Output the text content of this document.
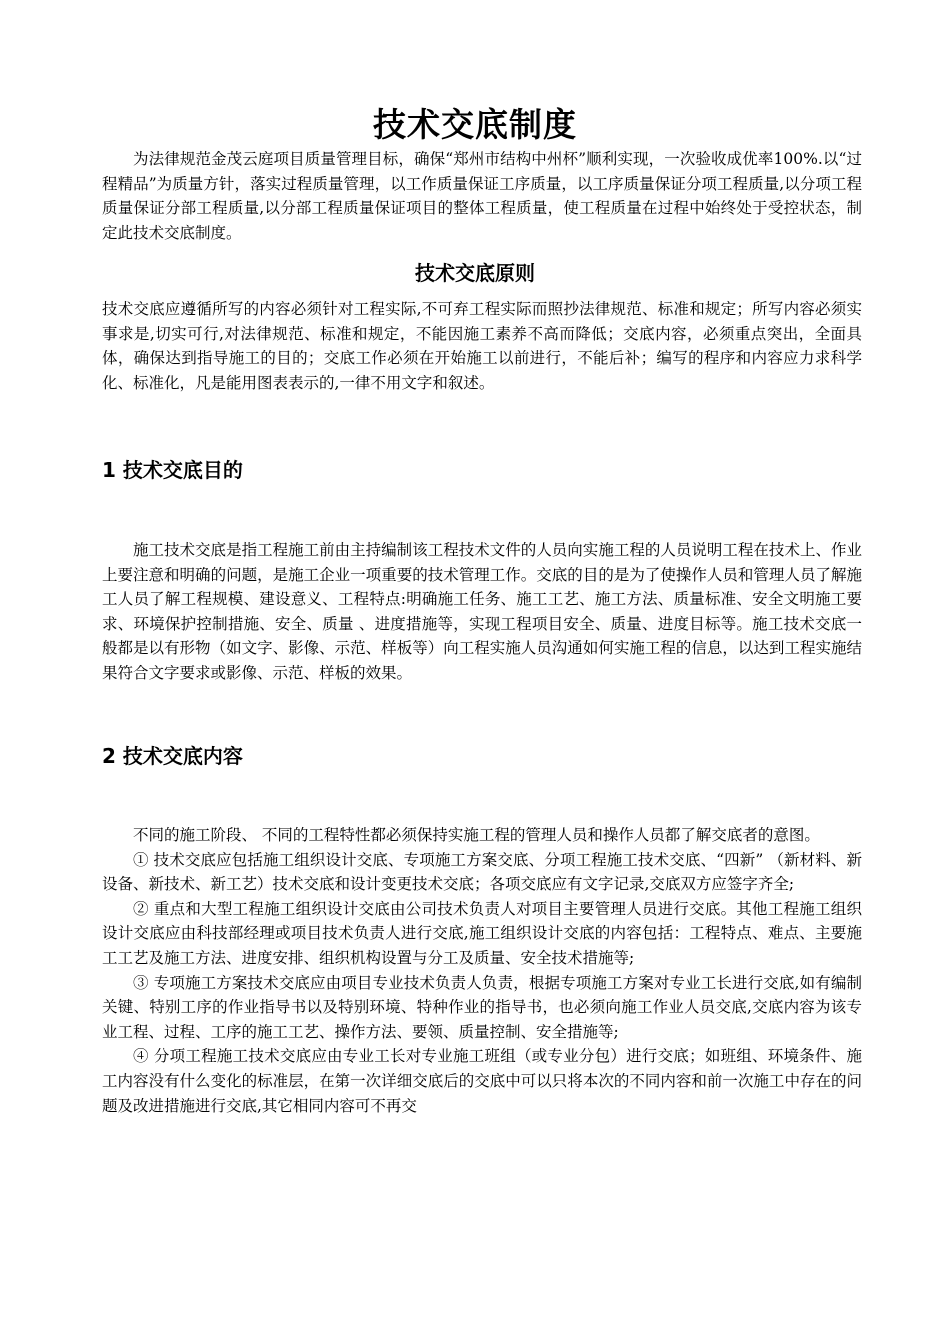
技术交底制度

为法律规范金茂云庭项目质量管理目标，确保“郑州市结构中州杯”顺利实现，一次验收成优率100%.以“过程精品”为质量方针，落实过程质量管理，以工作质量保证工序质量，以工序质量保证分项工程质量,以分项工程质量保证分部工程质量,以分部工程质量保证项目的整体工程质量，使工程质量在过程中始终处于受控状态，制定此技术交底制度。

技术交底原则

技术交底应遵循所写的内容必须针对工程实际,不可弃工程实际而照抄法律规范、标准和规定；所写内容必须实事求是,切实可行,对法律规范、标准和规定，不能因施工素养不高而降低；交底内容，必须重点突出，全面具体，确保达到指导施工的目的；交底工作必须在开始施工以前进行，不能后补；编写的程序和内容应力求科学化、标准化，凡是能用图表表示的,一律不用文字和叙述。

1 技术交底目的

施工技术交底是指工程施工前由主持编制该工程技术文件的人员向实施工程的人员说明工程在技术上、作业上要注意和明确的问题，是施工企业一项重要的技术管理工作。交底的目的是为了使操作人员和管理人员了解施工人员了解工程规模、建设意义、工程特点:明确施工任务、施工工艺、施工方法、质量标准、安全文明施工要求、环境保护控制措施、安全、质量 、进度措施等，实现工程项目安全、质量、进度目标等。施工技术交底一般都是以有形物（如文字、影像、示范、样板等）向工程实施人员沟通如何实施工程的信息，以达到工程实施结果符合文字要求或影像、示范、样板的效果。

2 技术交底内容

不同的施工阶段、 不同的工程特性都必须保持实施工程的管理人员和操作人员都了解交底者的意图。

① 技术交底应包括施工组织设计交底、专项施工方案交底、分项工程施工技术交底、“四新” （新材料、新设备、新技术、新工艺）技术交底和设计变更技术交底；各项交底应有文字记录,交底双方应签字齐全;

② 重点和大型工程施工组织设计交底由公司技术负责人对项目主要管理人员进行交底。其他工程施工组织设计交底应由科技部经理或项目技术负责人进行交底,施工组织设计交底的内容包括：工程特点、难点、主要施工工艺及施工方法、进度安排、组织机构设置与分工及质量、安全技术措施等;

③ 专项施工方案技术交底应由项目专业技术负责人负责，根据专项施工方案对专业工长进行交底,如有编制关键、特别工序的作业指导书以及特别环境、特种作业的指导书，也必须向施工作业人员交底,交底内容为该专业工程、过程、工序的施工工艺、操作方法、要领、质量控制、安全措施等;

④ 分项工程施工技术交底应由专业工长对专业施工班组（或专业分包）进行交底；如班组、环境条件、施工内容没有什么变化的标准层，在第一次详细交底后的交底中可以只将本次的不同内容和前一次施工中存在的问题及改进措施进行交底,其它相同内容可不再交
